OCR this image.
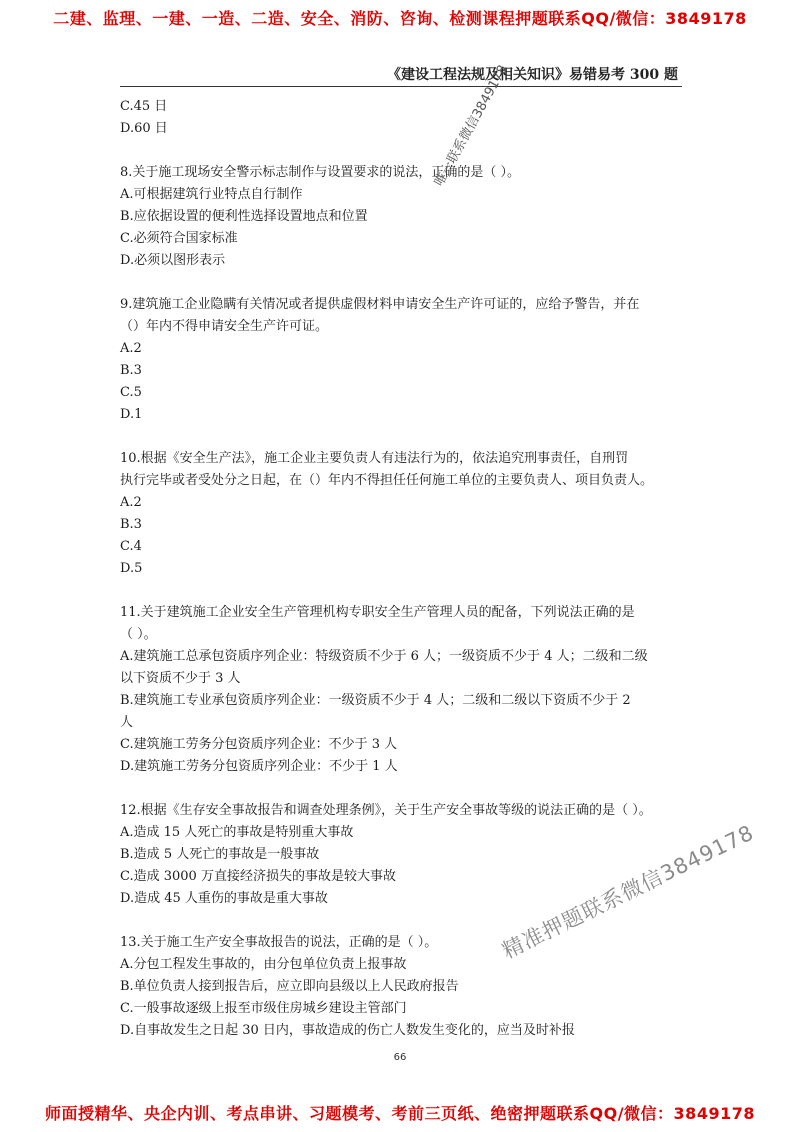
二建、监理、一建、一造、二造、安全、消防、咨询、检测课程押题联系QQ/微信：3849178
《建设工程法规及相关知识》易错易考 300 题
C.45 日
D.60 日
8.关于施工现场安全警示标志制作与设置要求的说法，正确的是（ ）。
A.可根据建筑行业特点自行制作
B.应依据设置的便利性选择设置地点和位置
C.必须符合国家标准
D.必须以图形表示
9.建筑施工企业隐瞒有关情况或者提供虚假材料申请安全生产许可证的，应给予警告，并在
（）年内不得申请安全生产许可证。
A.2
B.3
C.5
D.1
10.根据《安全生产法》，施工企业主要负责人有违法行为的，依法追究刑事责任，自刑罚
执行完毕或者受处分之日起，在（）年内不得担任任何施工单位的主要负责人、项目负责人。
A.2
B.3
C.4
D.5
11.关于建筑施工企业安全生产管理机构专职安全生产管理人员的配备，下列说法正确的是
（ ）。
A.建筑施工总承包资质序列企业：特级资质不少于 6 人；一级资质不少于 4 人；二级和二级
以下资质不少于 3 人
B.建筑施工专业承包资质序列企业：一级资质不少于 4 人；二级和二级以下资质不少于 2
人
C.建筑施工劳务分包资质序列企业：不少于 3 人
D.建筑施工劳务分包资质序列企业：不少于 1 人
12.根据《生存安全事故报告和调查处理条例》，关于生产安全事故等级的说法正确的是（ ）。
A.造成 15 人死亡的事故是特别重大事故
B.造成 5 人死亡的事故是一般事故
C.造成 3000 万直接经济损失的事故是较大事故
D.造成 45 人重伤的事故是重大事故
13.关于施工生产安全事故报告的说法，正确的是（ ）。
A.分包工程发生事故的，由分包单位负责上报事故
B.单位负责人接到报告后，应立即向县级以上人民政府报告
C.一般事故逐级上报至市级住房城乡建设主管部门
D.自事故发生之日起 30 日内，事故造成的伤亡人数发生变化的，应当及时补报
唯一联系微信3849178
精准押题联系微信3849178
66
师面授精华、央企内训、考点串讲、习题模考、考前三页纸、绝密押题联系QQ/微信：3849178
